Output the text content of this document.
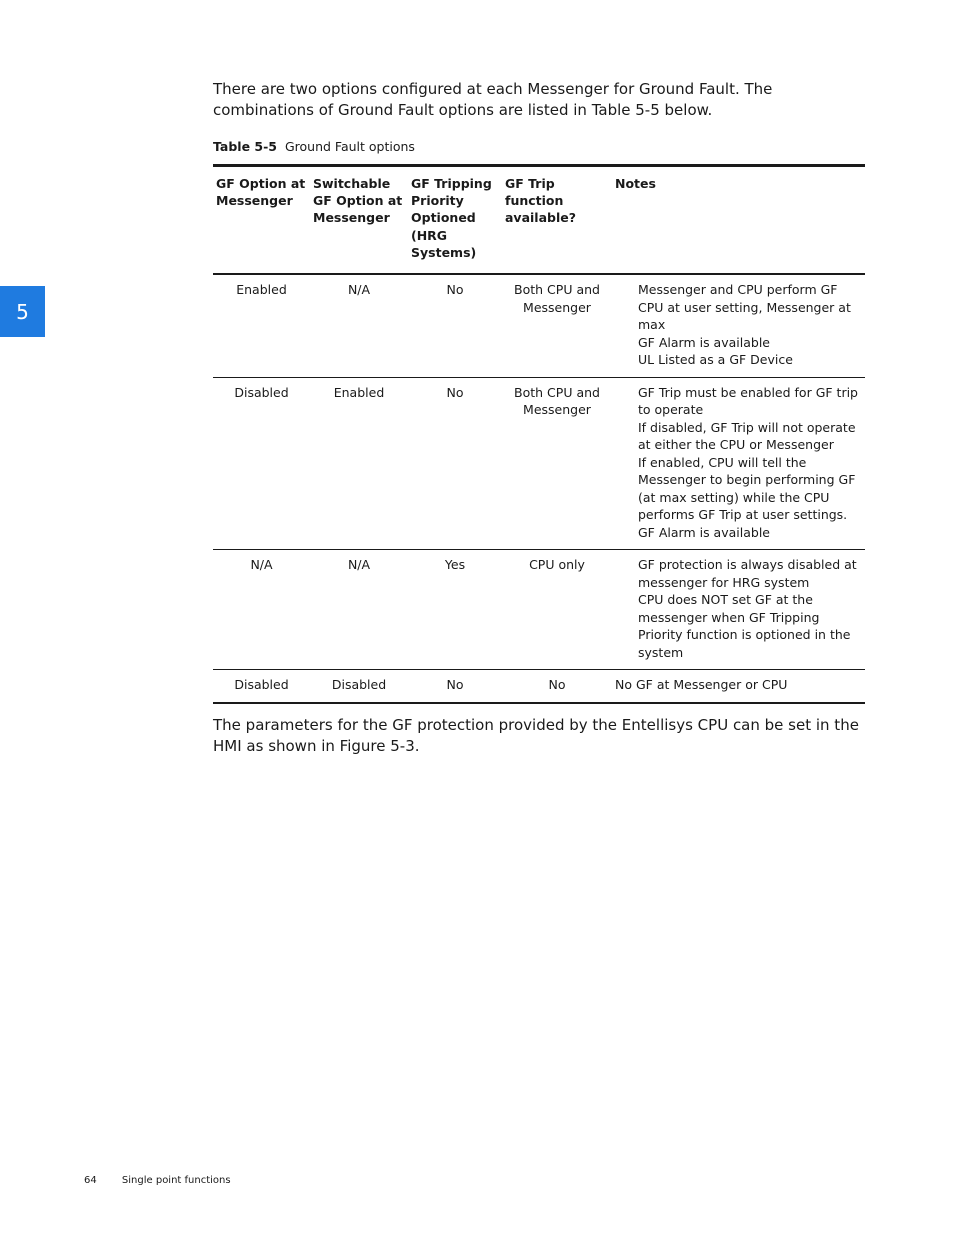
5

There are two options configured at each Messenger for Ground Fault. The combinations of Ground Fault options are listed in Table 5-5 below.

Table 5-5 Ground Fault options

GF Option at Messenger	Switchable GF Option at Messenger	GF Tripping Priority Optioned (HRG Systems)	GF Trip function available?	Notes
Enabled	N/A	No	Both CPU and Messenger	Messenger and CPU perform GF CPU at user setting, Messenger at max
GF Alarm is available
UL Listed as a GF Device

Disabled	Enabled	No	Both CPU and Messenger	GF Trip must be enabled for GF trip to operate
If disabled, GF Trip will not operate at either the CPU or Messenger
If enabled, CPU will tell the Messenger to begin performing GF (at max setting) while the CPU performs GF Trip at user settings.
GF Alarm is available

N/A	N/A	Yes	CPU only	GF protection is always disabled at messenger for HRG system
CPU does NOT set GF at the messenger when GF Tripping Priority function is optioned in the system

Disabled	Disabled	No	No	No GF at Messenger or CPU

The parameters for the GF protection provided by the Entellisys CPU can be set in the HMI as shown in Figure 5-3.

64	Single point functions
